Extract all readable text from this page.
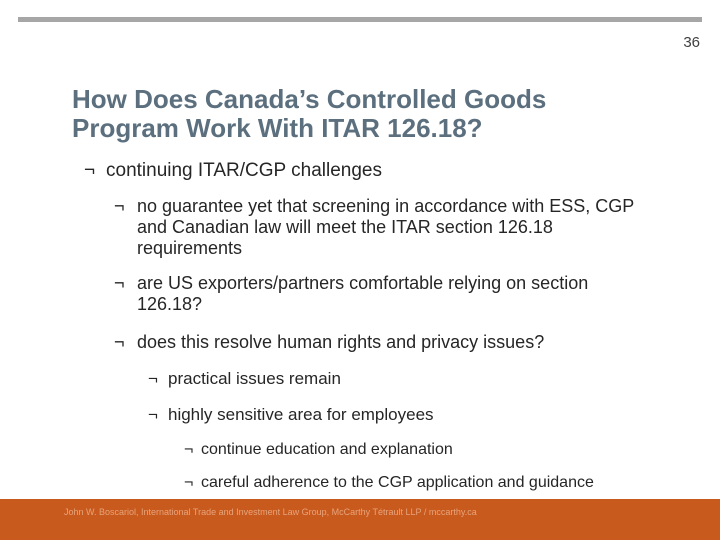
36
How Does Canada’s Controlled Goods
Program Work With ITAR 126.18?
¬ continuing ITAR/CGP challenges
¬ no guarantee yet that screening in accordance with ESS, CGP and Canadian law will meet the ITAR section 126.18 requirements
¬ are US exporters/partners comfortable relying on section 126.18?
¬ does this resolve human rights and privacy issues?
¬ practical issues remain
¬ highly sensitive area for employees
¬ continue education and explanation
¬ careful adherence to the CGP application and guidance
John W. Boscariol, International Trade and Investment Law Group, McCarthy Tétrault LLP / mccarthy.ca
